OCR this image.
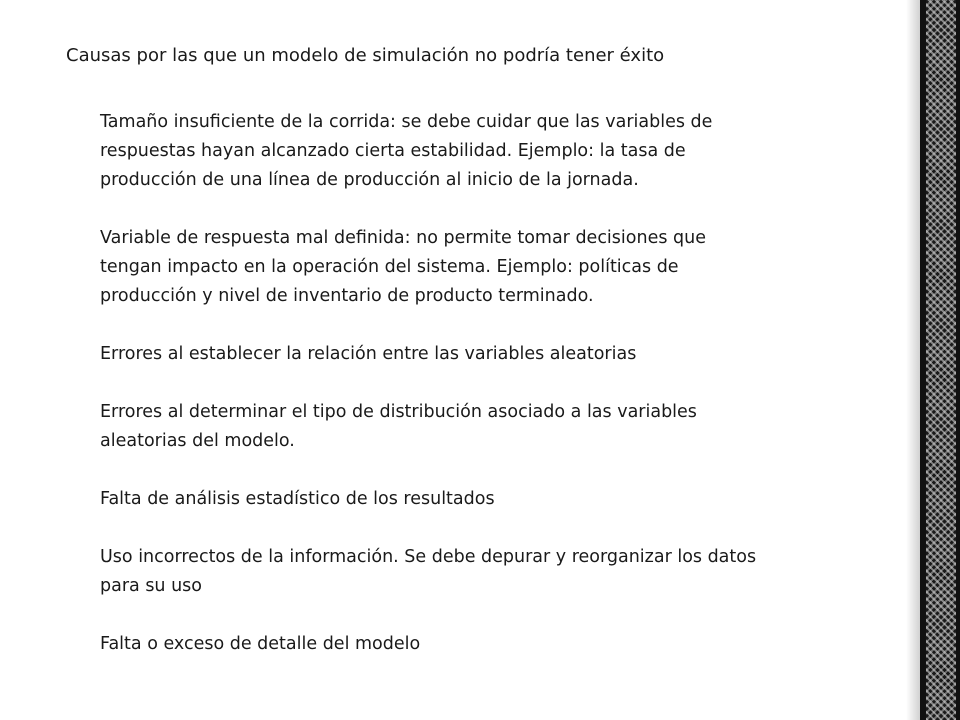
Causas por las que un modelo de simulación no podría tener éxito

Tamaño insuficiente de la corrida: se debe cuidar que las variables de
respuestas hayan alcanzado cierta estabilidad. Ejemplo: la tasa de
producción de una línea de producción al inicio de la jornada.

Variable de respuesta mal definida: no permite tomar decisiones que
tengan impacto en la operación del sistema. Ejemplo: políticas de
producción y nivel de inventario de producto terminado.

Errores al establecer la relación entre las variables aleatorias

Errores al determinar el tipo de distribución asociado a las variables
aleatorias del modelo.

Falta de análisis estadístico de los resultados

Uso incorrectos de la información. Se debe depurar y reorganizar los datos
para su uso

Falta o exceso de detalle del modelo
